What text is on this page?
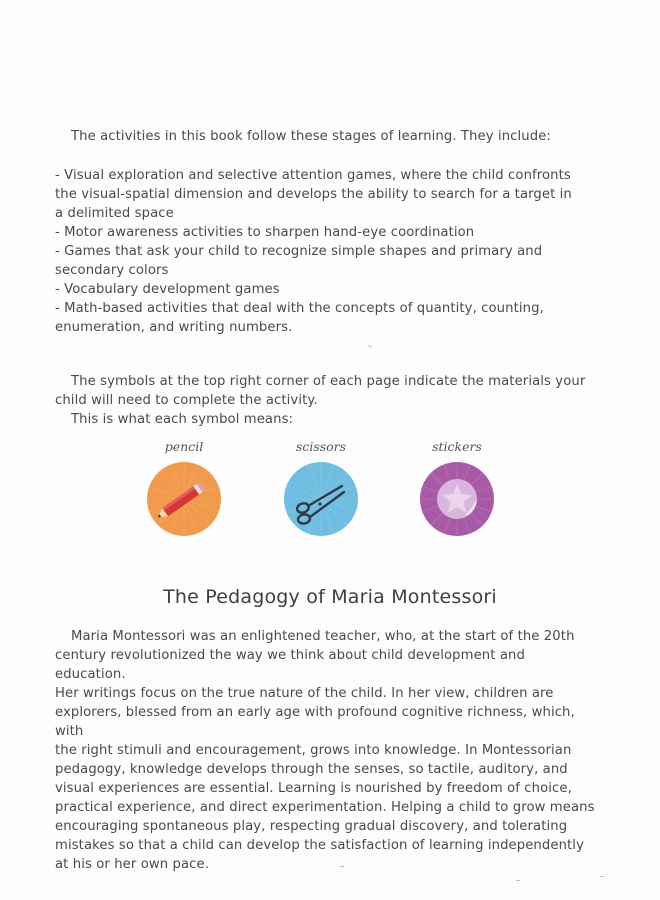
The activities in this book follow these stages of learning. They include:

- Visual exploration and selective attention games, where the child confronts

the visual-spatial dimension and develops the ability to search for a target in

a delimited space

- Motor awareness activities to sharpen hand-eye coordination

- Games that ask your child to recognize simple shapes and primary and

secondary colors

- Vocabulary development games

- Math-based activities that deal with the concepts of quantity, counting,

enumeration, and writing numbers.

The symbols at the top right corner of each page indicate the materials your

child will need to complete the activity.

This is what each symbol means:

pencil	scissors	stickers
The Pedagogy of Maria Montessori

Maria Montessori was an enlightened teacher, who, at the start of the 20th

century revolutionized the way we think about child development and education.

Her writings focus on the true nature of the child. In her view, children are

explorers, blessed from an early age with profound cognitive richness, which, with

the right stimuli and encouragement, grows into knowledge. In Montessorian

pedagogy, knowledge develops through the senses, so tactile, auditory, and

visual experiences are essential. Learning is nourished by freedom of choice,

practical experience, and direct experimentation. Helping a child to grow means

encouraging spontaneous play, respecting gradual discovery, and tolerating

mistakes so that a child can develop the satisfaction of learning independently

at his or her own pace.
